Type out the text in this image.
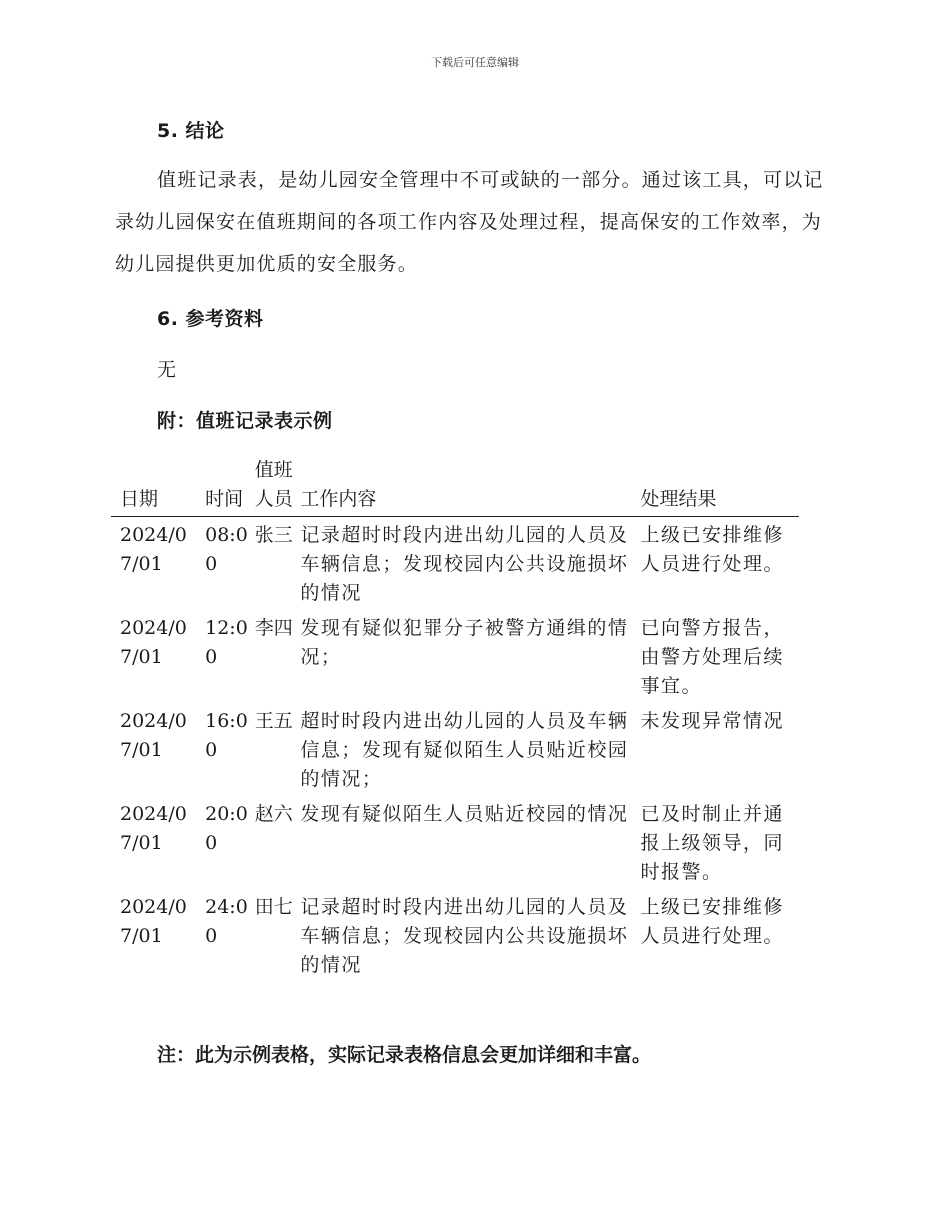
下载后可任意编辑
5. 结论

值班记录表，是幼儿园安全管理中不可或缺的一部分。通过该工具，可以记录幼儿园保安在值班期间的各项工作内容及处理过程，提高保安的工作效率，为幼儿园提供更加优质的安全服务。

6. 参考资料
无
附：值班记录表示例
日期	时间	值班人员	工作内容	处理结果
2024/07/01	08:00	张三	记录超时时段内进出幼儿园的人员及车辆信息；发现校园内公共设施损坏的情况	上级已安排维修人员进行处理。
2024/07/01	12:00	李四	发现有疑似犯罪分子被警方通缉的情况；	已向警方报告，由警方处理后续事宜。
2024/07/01	16:00	王五	超时时段内进出幼儿园的人员及车辆信息；发现有疑似陌生人员贴近校园的情况；	未发现异常情况
2024/07/01	20:00	赵六	发现有疑似陌生人员贴近校园的情况	已及时制止并通报上级领导，同时报警。
2024/07/01	24:00	田七	记录超时时段内进出幼儿园的人员及车辆信息；发现校园内公共设施损坏的情况	上级已安排维修人员进行处理。
注：此为示例表格，实际记录表格信息会更加详细和丰富。
